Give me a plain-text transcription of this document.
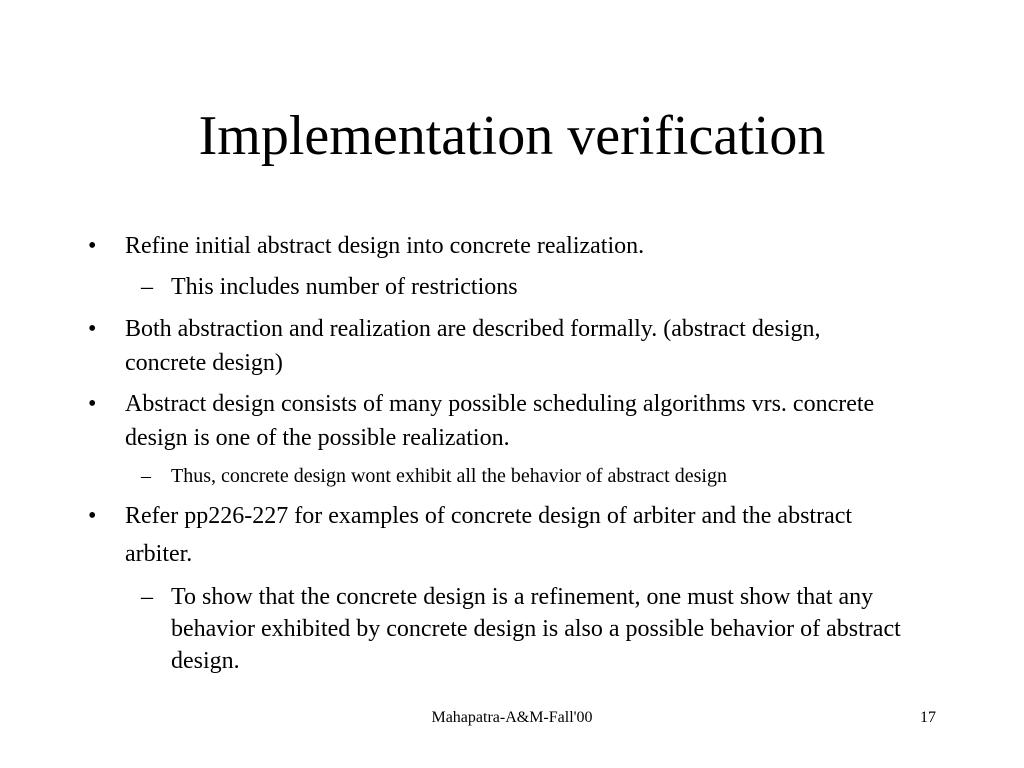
Implementation verification
• Refine initial abstract design into concrete realization.
– This includes number of restrictions
• Both abstraction and realization are described formally. (abstract design, concrete design)
• Abstract design consists of many possible scheduling algorithms vrs. concrete design is one of the possible realization.
– Thus, concrete design wont exhibit all the behavior of abstract design
• Refer pp226-227 for examples of concrete design of arbiter and the abstract arbiter.
– To show that the concrete design is a refinement, one must show that any behavior exhibited by concrete design is also a possible behavior of abstract design.
Mahapatra-A&M-Fall'00	17
